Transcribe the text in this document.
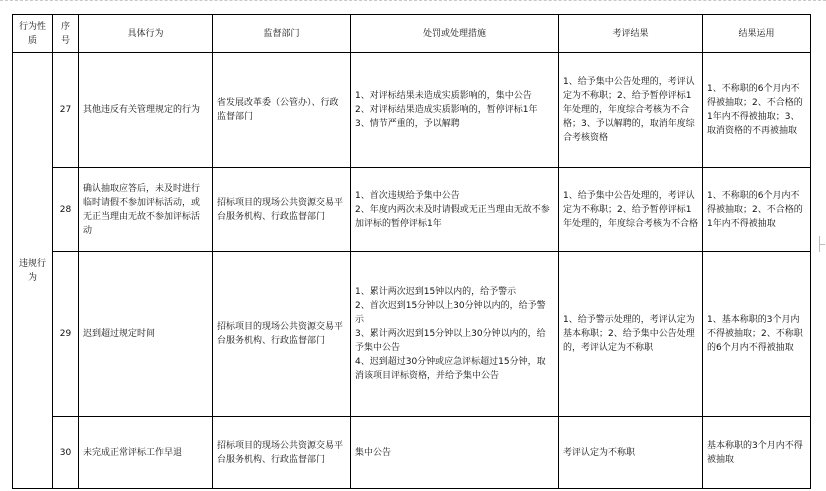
行为性质	序号	具体行为	监督部门	处罚或处理措施	考评结果	结果运用
违规行为	27	其他违反有关管理规定的行为	省发展改革委（公管办）、行政监督部门	1、对评标结果未造成实质影响的，集中公告
2、对评标结果造成实质影响的，暂停评标1年
3、情节严重的，予以解聘	1、给予集中公告处理的，考评认定为不称职；2、给予暂停评标1年处理的，年度综合考核为不合格；3、予以解聘的，取消年度综合考核资格	1、不称职的6个月内不得被抽取；2、不合格的1年内不得被抽取；3、取消资格的不再被抽取
	28	确认抽取应答后，未及时进行临时请假不参加评标活动，或无正当理由无故不参加评标活动	招标项目的现场公共资源交易平台服务机构、行政监督部门	1、首次违规给予集中公告
2、年度内两次未及时请假或无正当理由无故不参加评标的暂停评标1年	1、给予集中公告处理的，考评认定为不称职；2、给予暂停评标1年处理的，年度综合考核为不合格	1、不称职的6个月内不得被抽取；2、不合格的1年内不得被抽取
	29	迟到超过规定时间	招标项目的现场公共资源交易平台服务机构、行政监督部门	1、累计两次迟到15钟以内的，给予警示
2、首次迟到15分钟以上30分钟以内的，给予警示
3、累计两次迟到15分钟以上30分钟以内的，给予集中公告
4、迟到超过30分钟或应急评标超过15分钟，取消该项目评标资格，并给予集中公告	1、给予警示处理的，考评认定为基本称职；2、给予集中公告处理的，考评认定为不称职	1、基本称职的3个月内不得被抽取；2、不称职的6个月内不得被抽取
	30	未完成正常评标工作早退	招标项目的现场公共资源交易平台服务机构、行政监督部门	集中公告	考评认定为不称职	基本称职的3个月内不得被抽取
